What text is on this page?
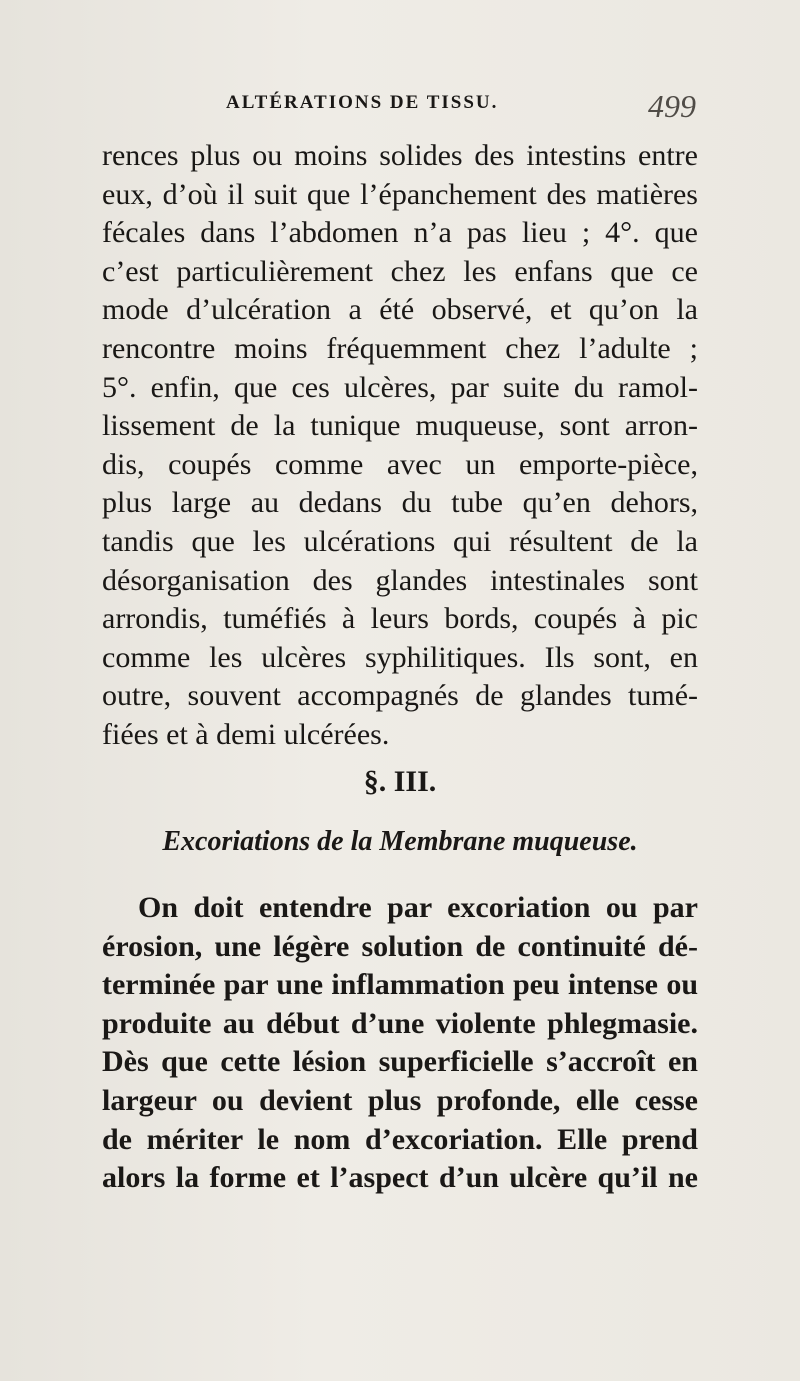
ALTÉRATIONS DE TISSU.	499
rences plus ou moins solides des intestins entre
eux, d’où il suit que l’épanchement des matières
fécales dans l’abdomen n’a pas lieu ; 4°. que
c’est particulièrement chez les enfans que ce
mode d’ulcération a été observé, et qu’on la
rencontre moins fréquemment chez l’adulte ;
5°. enfin, que ces ulcères, par suite du ramol-
lissement de la tunique muqueuse, sont arron-
dis, coupés comme avec un emporte-pièce,
plus large au dedans du tube qu’en dehors,
tandis que les ulcérations qui résultent de la
désorganisation des glandes intestinales sont
arrondis, tuméfiés à leurs bords, coupés à pic
comme les ulcères syphilitiques. Ils sont, en
outre, souvent accompagnés de glandes tumé-
fiées et à demi ulcérées.
§. III.
Excoriations de la Membrane muqueuse.
On doit entendre par excoriation ou par
érosion, une légère solution de continuité dé-
terminée par une inflammation peu intense ou
produite au début d’une violente phlegmasie.
Dès que cette lésion superficielle s’accroît en
largeur ou devient plus profonde, elle cesse
de mériter le nom d’excoriation. Elle prend
alors la forme et l’aspect d’un ulcère qu’il ne
